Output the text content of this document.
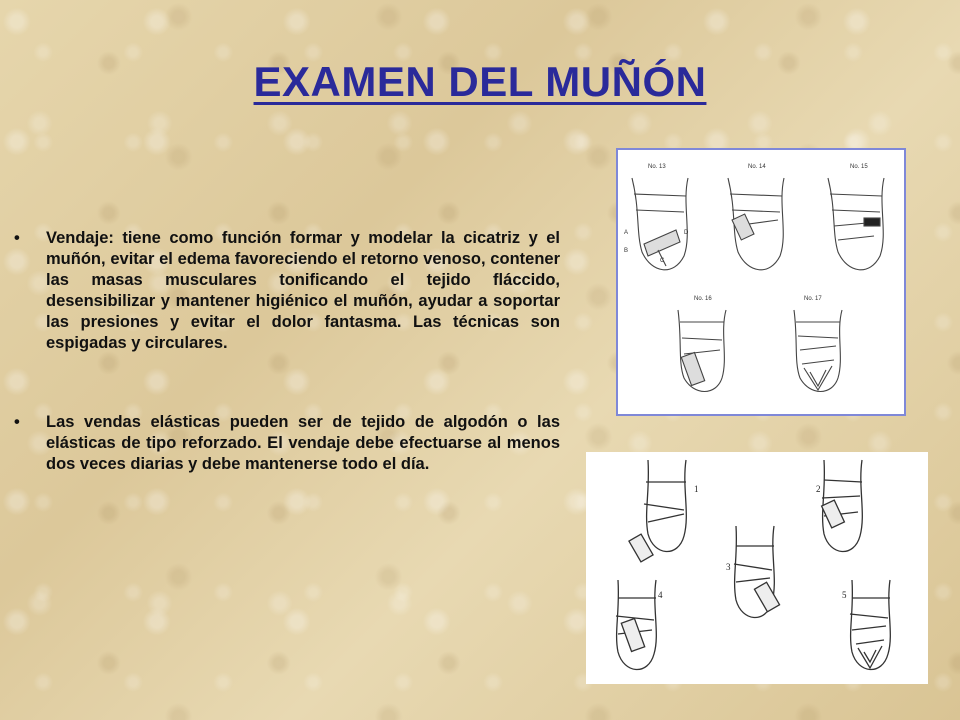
EXAMEN DEL MUÑÓN
• Vendaje: tiene como función formar y modelar la cicatriz y el muñón, evitar el edema favoreciendo el retorno venoso, contener las masas musculares tonificando el tejido fláccido, desensibilizar y mantener higiénico el muñón, ayudar a soportar las presiones y evitar el dolor fantasma. Las técnicas son espigadas y circulares.
• Las vendas elásticas pueden ser de tejido de algodón o las elásticas de tipo reforzado. El vendaje debe efectuarse al menos dos veces diarias y debe mantenerse todo el día.
No. 13	No. 14	No. 15
No. 16	No. 17
A
B
C
D
1	2
3
4	5
